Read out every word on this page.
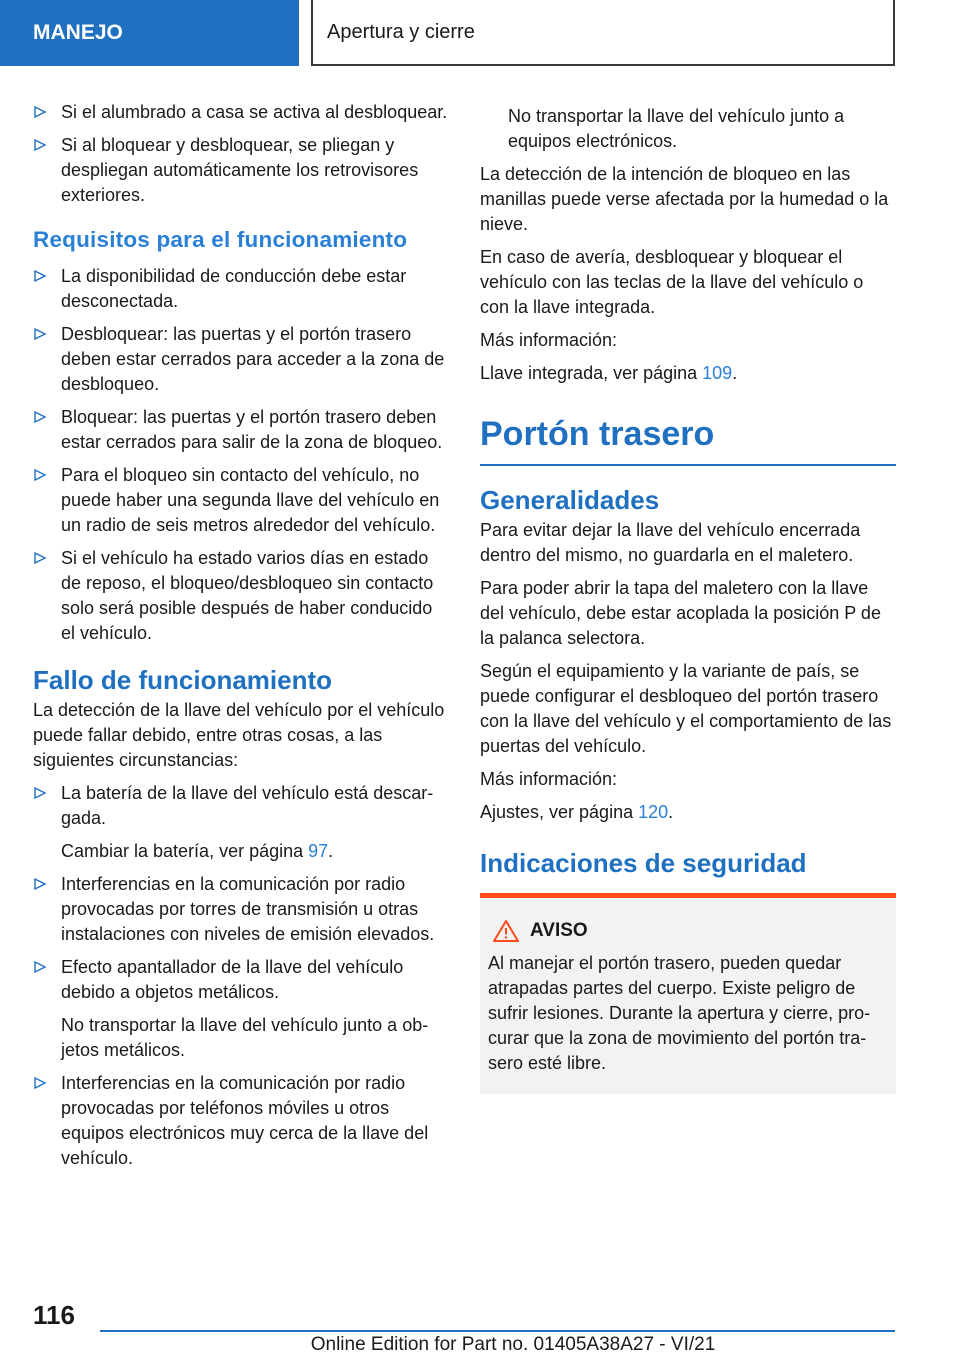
MANEJO	Apertura y cierre
Si el alumbrado a casa se activa al desbloquear.
Si al bloquear y desbloquear, se pliegan y despliegan automáticamente los retrovisores exteriores.
Requisitos para el funcionamiento
La disponibilidad de conducción debe estar desconectada.
Desbloquear: las puertas y el portón trasero deben estar cerrados para acceder a la zona de desbloqueo.
Bloquear: las puertas y el portón trasero deben estar cerrados para salir de la zona de bloqueo.
Para el bloqueo sin contacto del vehículo, no puede haber una segunda llave del vehículo en un radio de seis metros alrededor del vehículo.
Si el vehículo ha estado varios días en estado de reposo, el bloqueo/desbloqueo sin contacto solo será posible después de haber conducido el vehículo.
Fallo de funcionamiento
La detección de la llave del vehículo por el vehículo puede fallar debido, entre otras cosas, a las siguientes circunstancias:
La batería de la llave del vehículo está descargada.
Cambiar la batería, ver página 97.
Interferencias en la comunicación por radio provocadas por torres de transmisión u otras instalaciones con niveles de emisión elevados.
Efecto apantallador de la llave del vehículo debido a objetos metálicos.
No transportar la llave del vehículo junto a objetos metálicos.
Interferencias en la comunicación por radio provocadas por teléfonos móviles u otros equipos electrónicos muy cerca de la llave del vehículo.
No transportar la llave del vehículo junto a equipos electrónicos.
La detección de la intención de bloqueo en las manillas puede verse afectada por la humedad o la nieve.
En caso de avería, desbloquear y bloquear el vehículo con las teclas de la llave del vehículo o con la llave integrada.
Más información:
Llave integrada, ver página 109.
Portón trasero
Generalidades
Para evitar dejar la llave del vehículo encerrada dentro del mismo, no guardarla en el maletero.
Para poder abrir la tapa del maletero con la llave del vehículo, debe estar acoplada la posición P de la palanca selectora.
Según el equipamiento y la variante de país, se puede configurar el desbloqueo del portón trasero con la llave del vehículo y el comportamiento de las puertas del vehículo.
Más información:
Ajustes, ver página 120.
Indicaciones de seguridad
AVISO
Al manejar el portón trasero, pueden quedar atrapadas partes del cuerpo. Existe peligro de sufrir lesiones. Durante la apertura y cierre, procurar que la zona de movimiento del portón trasero esté libre.
116
Online Edition for Part no. 01405A38A27 - VI/21
